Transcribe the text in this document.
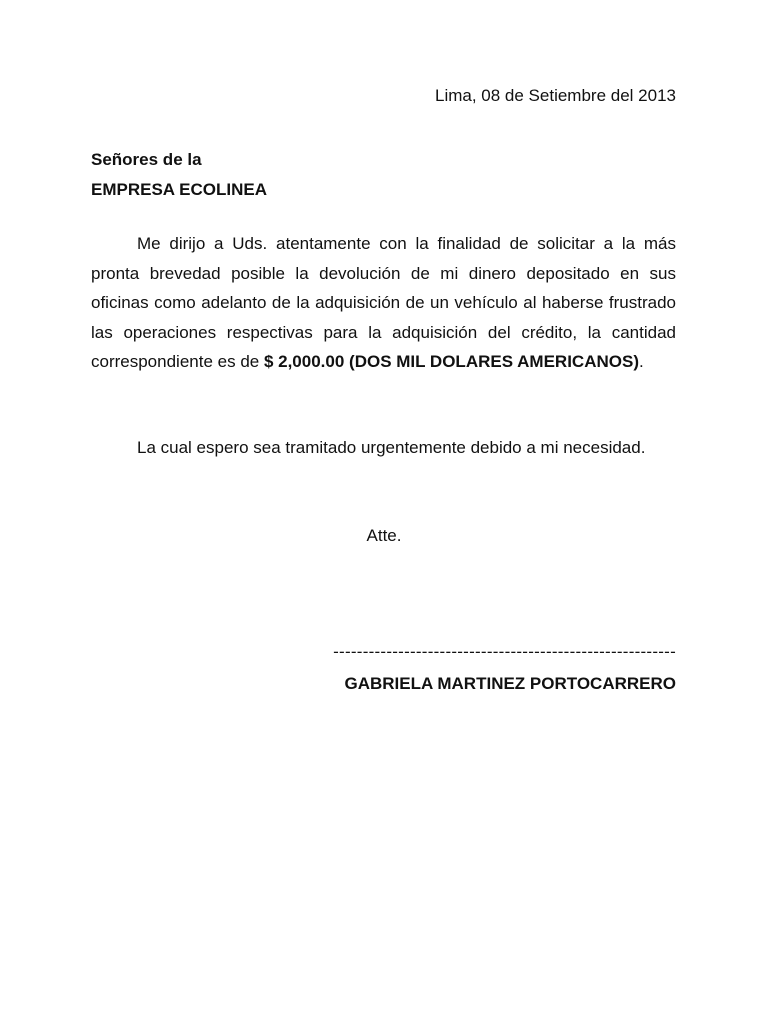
Lima, 08 de Setiembre del 2013
Señores de la
EMPRESA ECOLINEA

Me dirijo a Uds. atentamente con la finalidad de solicitar a la más pronta brevedad posible la devolución de mi dinero depositado en sus oficinas como adelanto de la adquisición de un vehículo al haberse frustrado las operaciones respectivas para la adquisición del crédito, la cantidad correspondiente es de $ 2,000.00 (DOS MIL DOLARES AMERICANOS).

La cual espero sea tramitado urgentemente debido a mi necesidad.

Atte.
----------------------------------------------------------
GABRIELA MARTINEZ PORTOCARRERO
